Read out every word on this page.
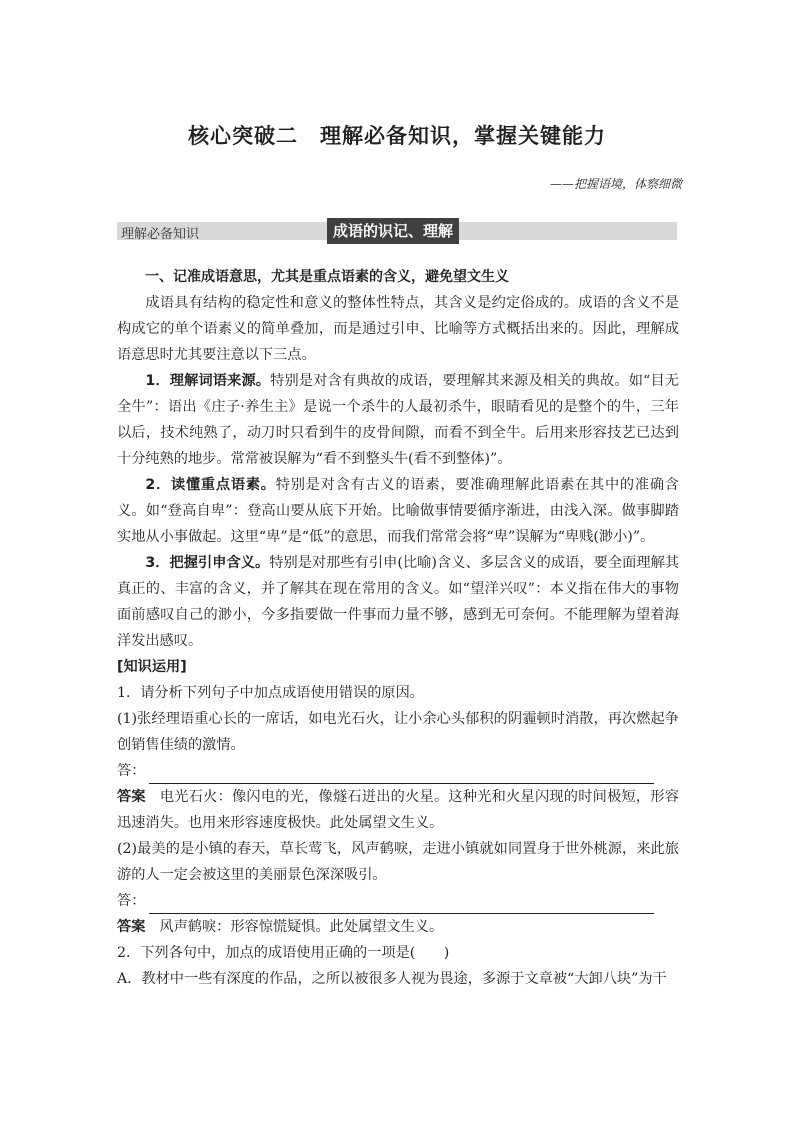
核心突破二　理解必备知识，掌握关键能力
——把握语境，体察细微
理解必备知识	成语的识记、理解

一、记准成语意思，尤其是重点语素的含义，避免望文生义

成语具有结构的稳定性和意义的整体性特点，其含义是约定俗成的。成语的含义不是构成它的单个语素义的简单叠加，而是通过引申、比喻等方式概括出来的。因此，理解成语意思时尤其要注意以下三点。

1．理解词语来源。特别是对含有典故的成语，要理解其来源及相关的典故。如“目无全牛”：语出《庄子·养生主》是说一个杀牛的人最初杀牛，眼睛看见的是整个的牛，三年以后，技术纯熟了，动刀时只看到牛的皮骨间隙，而看不到全牛。后用来形容技艺已达到十分纯熟的地步。常常被误解为“看不到整头牛(看不到整体)”。

2．读懂重点语素。特别是对含有古义的语素，要准确理解此语素在其中的准确含义。如“登高自卑”：登高山要从底下开始。比喻做事情要循序渐进，由浅入深。做事脚踏实地从小事做起。这里“卑”是“低”的意思，而我们常常会将“卑”误解为“卑贱(渺小)”。

3．把握引申含义。特别是对那些有引申(比喻)含义、多层含义的成语，要全面理解其真正的、丰富的含义，并了解其在现在常用的含义。如“望洋兴叹”：本义指在伟大的事物面前感叹自己的渺小，今多指要做一件事而力量不够，感到无可奈何。不能理解为望着海洋发出感叹。

[知识运用]

1．请分析下列句子中加点成语使用错误的原因。

(1)张经理语重心长的一席话，如电光石火，让小余心头郁积的阴霾顿时消散，再次燃起争创销售佳绩的激情。

答：

答案 电光石火：像闪电的光，像燧石迸出的火星。这种光和火星闪现的时间极短，形容迅速消失。也用来形容速度极快。此处属望文生义。

(2)最美的是小镇的春天，草长莺飞，风声鹤唳，走进小镇就如同置身于世外桃源，来此旅游的人一定会被这里的美丽景色深深吸引。

答：

答案 风声鹤唳：形容惊慌疑惧。此处属望文生义。

2．下列各句中，加点的成语使用正确的一项是(　　)

A．教材中一些有深度的作品，之所以被很多人视为畏途，多源于文章被“大卸八块”为干
